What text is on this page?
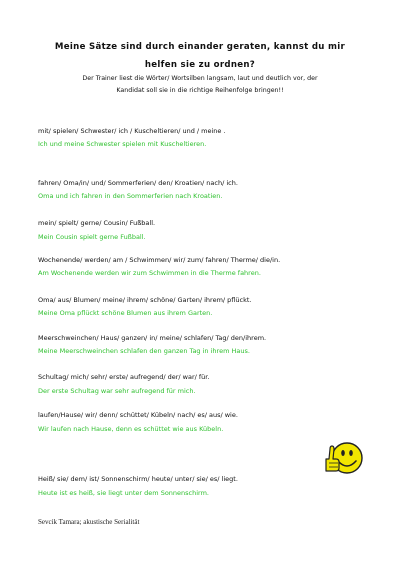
Meine Sätze sind durch einander geraten, kannst du mir
helfen sie zu ordnen?
Der Trainer liest die Wörter/ Wortsilben langsam, laut und deutlich vor, der
Kandidat soll sie in die richtige Reihenfolge bringen!!
mit/ spielen/ Schwester/ ich / Kuscheltieren/ und / meine .
Ich und meine Schwester spielen mit Kuscheltieren.
fahren/ Oma/in/ und/ Sommerferien/ den/ Kroatien/ nach/ ich.
Oma und ich fahren in den Sommerferien nach Kroatien.
mein/ spielt/ gerne/ Cousin/ Fußball.
Mein Cousin spielt gerne Fußball.
Wochenende/ werden/ am / Schwimmen/ wir/ zum/ fahren/ Therme/ die/in.
Am Wochenende werden wir zum Schwimmen in die Therme fahren.
Oma/ aus/ Blumen/ meine/ ihrem/ schöne/ Garten/ ihrem/ pflückt.
Meine Oma pflückt schöne Blumen aus ihrem Garten.
Meerschweinchen/ Haus/ ganzen/ in/ meine/ schlafen/ Tag/ den/ihrem.
Meine Meerschweinchen schlafen den ganzen Tag in ihrem Haus.
Schultag/ mich/ sehr/ erste/ aufregend/ der/ war/ für.
Der erste Schultag war sehr aufregend für mich.
laufen/Hause/ wir/ denn/ schüttet/ Kübeln/ nach/ es/ aus/ wie.
Wir laufen nach Hause, denn es schüttet wie aus Kübeln.
Heiß/ sie/ dem/ ist/ Sonnenschirm/ heute/ unter/ sie/ es/ liegt.
Heute ist es heiß, sie liegt unter dem Sonnenschirm.
Sevcik Tamara; akustische Serialität
